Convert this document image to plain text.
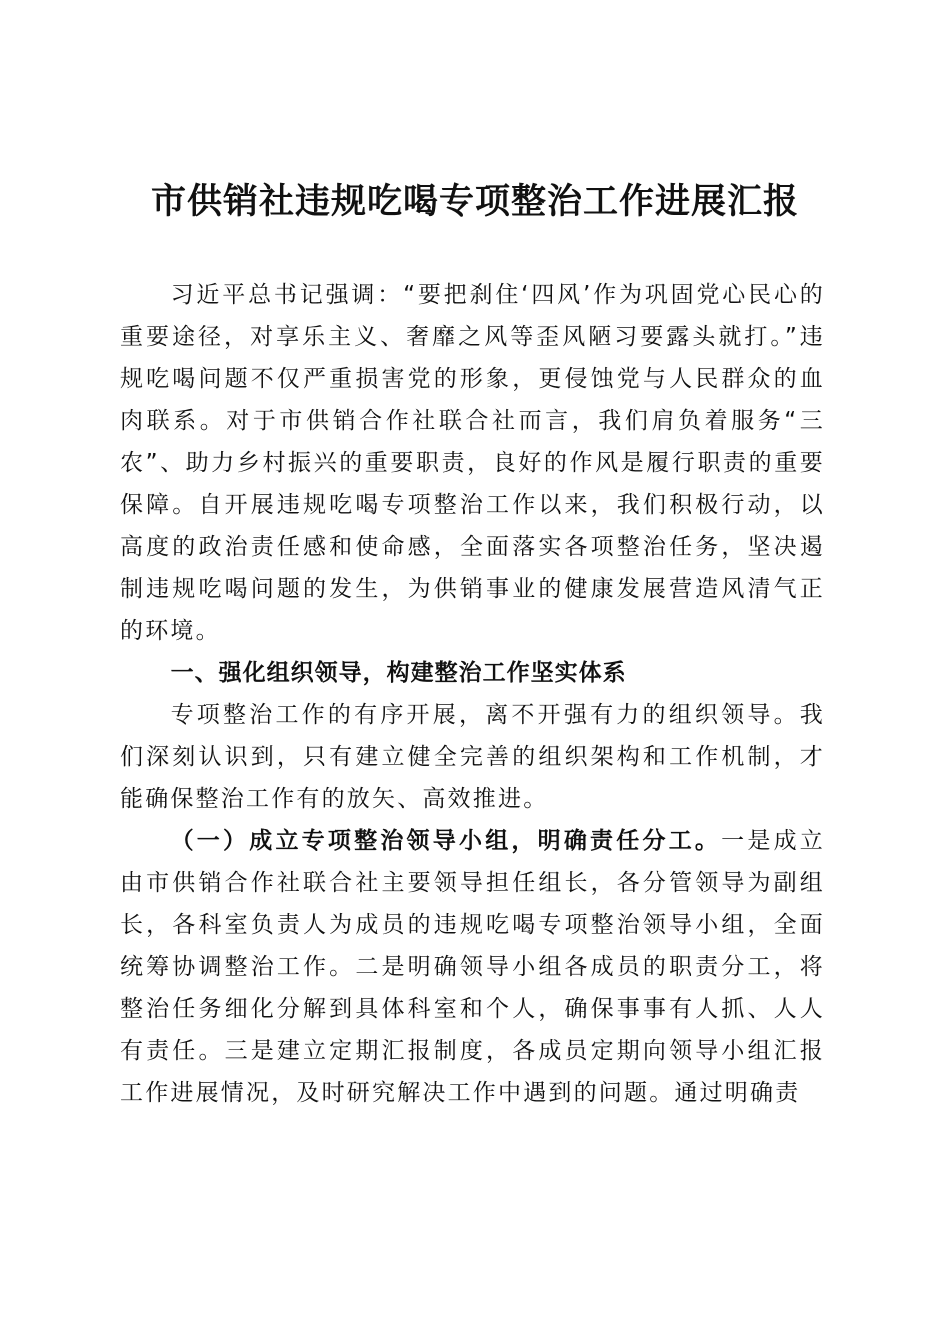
市供销社违规吃喝专项整治工作进展汇报

习近平总书记强调：“要把刹住‘四风’作为巩固党心民心的重要途径，对享乐主义、奢靡之风等歪风陋习要露头就打。”违规吃喝问题不仅严重损害党的形象，更侵蚀党与人民群众的血肉联系。对于市供销合作社联合社而言，我们肩负着服务“三农”、助力乡村振兴的重要职责，良好的作风是履行职责的重要保障。自开展违规吃喝专项整治工作以来，我们积极行动，以高度的政治责任感和使命感，全面落实各项整治任务，坚决遏制违规吃喝问题的发生，为供销事业的健康发展营造风清气正的环境。

一、强化组织领导，构建整治工作坚实体系

专项整治工作的有序开展，离不开强有力的组织领导。我们深刻认识到，只有建立健全完善的组织架构和工作机制，才能确保整治工作有的放矢、高效推进。

（一）成立专项整治领导小组，明确责任分工。一是成立由市供销合作社联合社主要领导担任组长，各分管领导为副组长，各科室负责人为成员的违规吃喝专项整治领导小组，全面统筹协调整治工作。二是明确领导小组各成员的职责分工，将整治任务细化分解到具体科室和个人，确保事事有人抓、人人有责任。三是建立定期汇报制度，各成员定期向领导小组汇报工作进展情况，及时研究解决工作中遇到的问题。通过明确责
